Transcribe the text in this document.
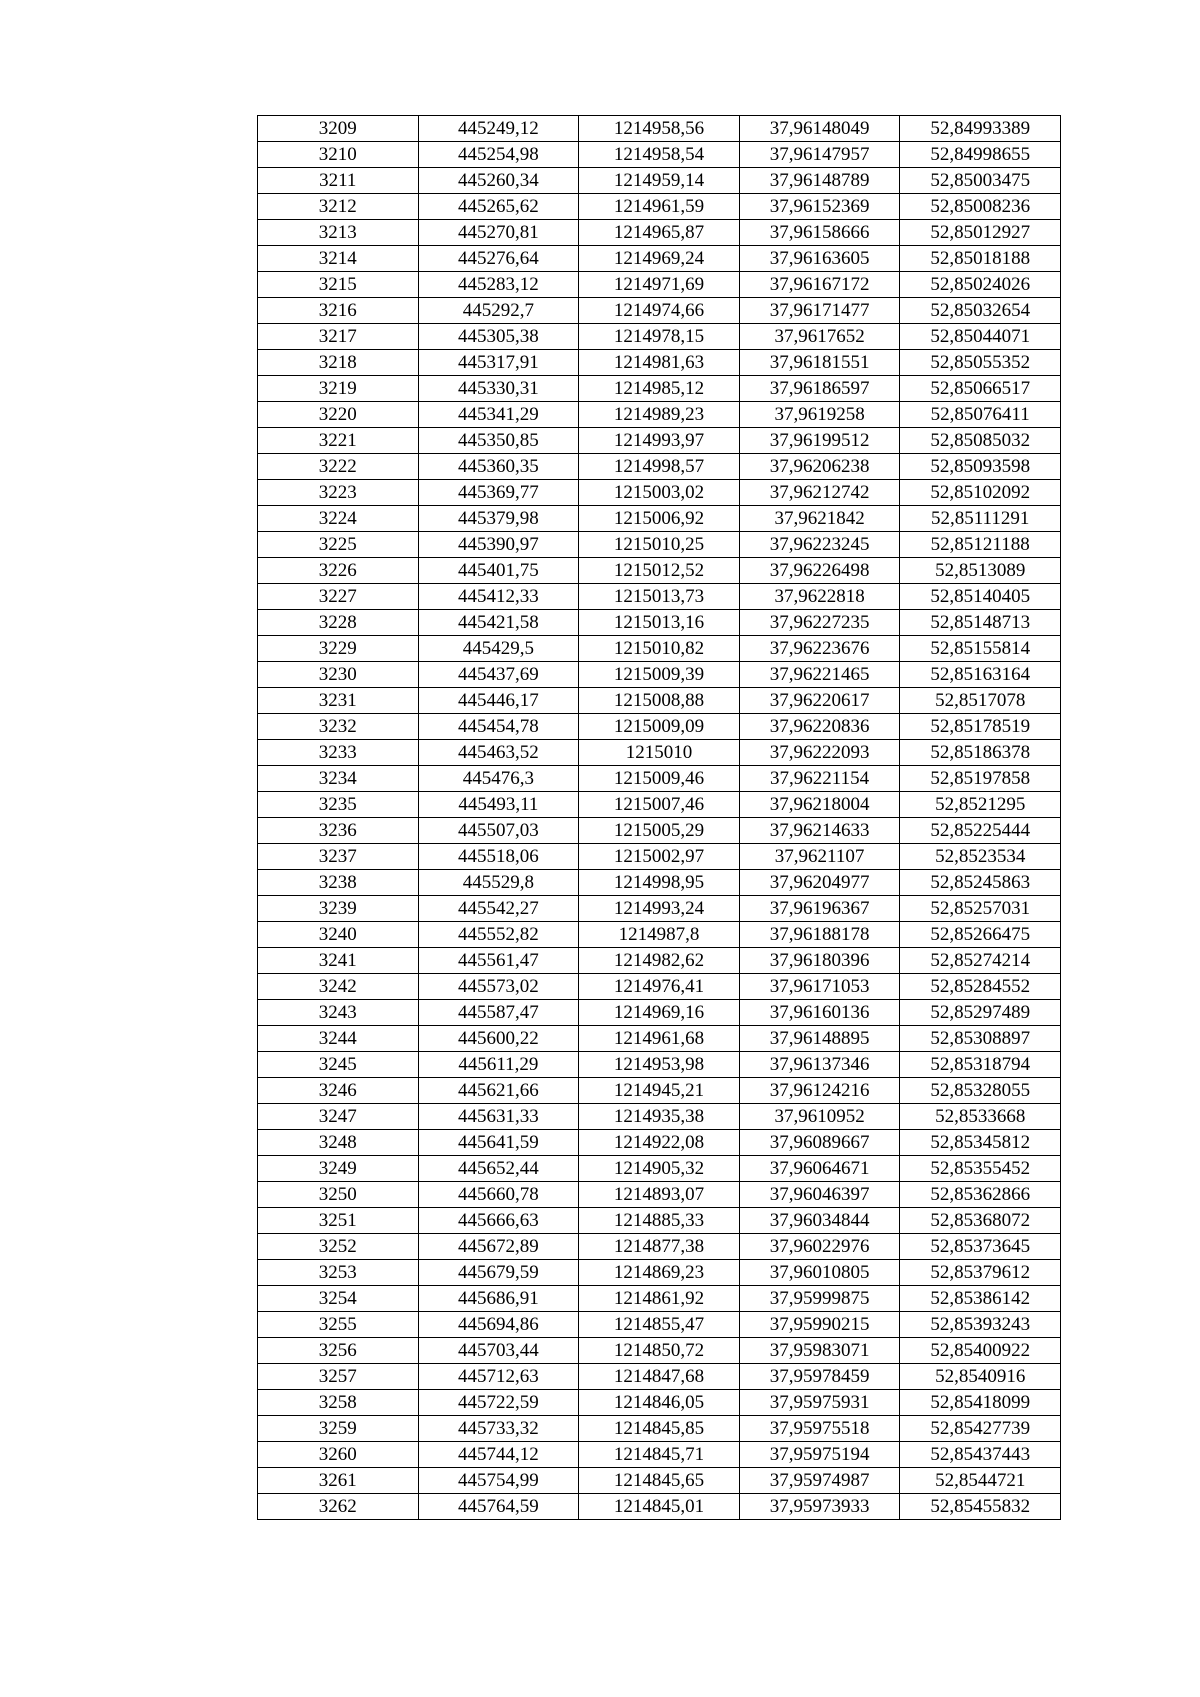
3209	445249,12	1214958,56	37,96148049	52,84993389
3210	445254,98	1214958,54	37,96147957	52,84998655
3211	445260,34	1214959,14	37,96148789	52,85003475
3212	445265,62	1214961,59	37,96152369	52,85008236
3213	445270,81	1214965,87	37,96158666	52,85012927
3214	445276,64	1214969,24	37,96163605	52,85018188
3215	445283,12	1214971,69	37,96167172	52,85024026
3216	445292,7	1214974,66	37,96171477	52,85032654
3217	445305,38	1214978,15	37,9617652	52,85044071
3218	445317,91	1214981,63	37,96181551	52,85055352
3219	445330,31	1214985,12	37,96186597	52,85066517
3220	445341,29	1214989,23	37,9619258	52,85076411
3221	445350,85	1214993,97	37,96199512	52,85085032
3222	445360,35	1214998,57	37,96206238	52,85093598
3223	445369,77	1215003,02	37,96212742	52,85102092
3224	445379,98	1215006,92	37,9621842	52,85111291
3225	445390,97	1215010,25	37,96223245	52,85121188
3226	445401,75	1215012,52	37,96226498	52,8513089
3227	445412,33	1215013,73	37,9622818	52,85140405
3228	445421,58	1215013,16	37,96227235	52,85148713
3229	445429,5	1215010,82	37,96223676	52,85155814
3230	445437,69	1215009,39	37,96221465	52,85163164
3231	445446,17	1215008,88	37,96220617	52,8517078
3232	445454,78	1215009,09	37,96220836	52,85178519
3233	445463,52	1215010	37,96222093	52,85186378
3234	445476,3	1215009,46	37,96221154	52,85197858
3235	445493,11	1215007,46	37,96218004	52,8521295
3236	445507,03	1215005,29	37,96214633	52,85225444
3237	445518,06	1215002,97	37,9621107	52,8523534
3238	445529,8	1214998,95	37,96204977	52,85245863
3239	445542,27	1214993,24	37,96196367	52,85257031
3240	445552,82	1214987,8	37,96188178	52,85266475
3241	445561,47	1214982,62	37,96180396	52,85274214
3242	445573,02	1214976,41	37,96171053	52,85284552
3243	445587,47	1214969,16	37,96160136	52,85297489
3244	445600,22	1214961,68	37,96148895	52,85308897
3245	445611,29	1214953,98	37,96137346	52,85318794
3246	445621,66	1214945,21	37,96124216	52,85328055
3247	445631,33	1214935,38	37,9610952	52,8533668
3248	445641,59	1214922,08	37,96089667	52,85345812
3249	445652,44	1214905,32	37,96064671	52,85355452
3250	445660,78	1214893,07	37,96046397	52,85362866
3251	445666,63	1214885,33	37,96034844	52,85368072
3252	445672,89	1214877,38	37,96022976	52,85373645
3253	445679,59	1214869,23	37,96010805	52,85379612
3254	445686,91	1214861,92	37,95999875	52,85386142
3255	445694,86	1214855,47	37,95990215	52,85393243
3256	445703,44	1214850,72	37,95983071	52,85400922
3257	445712,63	1214847,68	37,95978459	52,8540916
3258	445722,59	1214846,05	37,95975931	52,85418099
3259	445733,32	1214845,85	37,95975518	52,85427739
3260	445744,12	1214845,71	37,95975194	52,85437443
3261	445754,99	1214845,65	37,95974987	52,8544721
3262	445764,59	1214845,01	37,95973933	52,85455832
